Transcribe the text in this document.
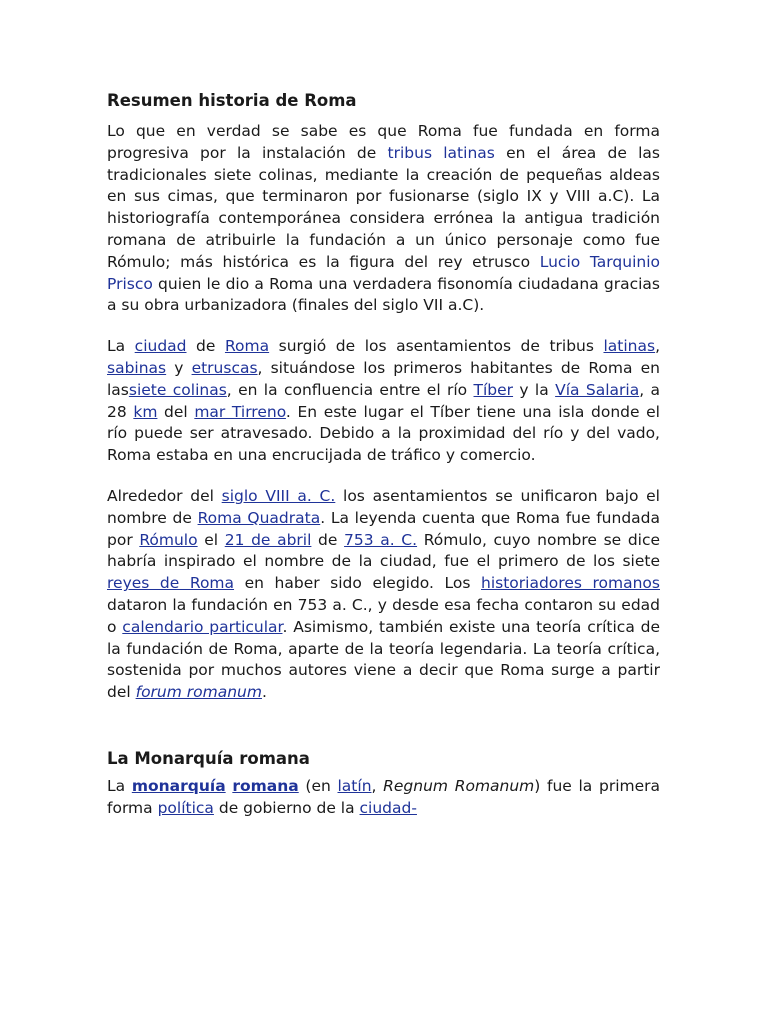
Resumen historia de Roma

Lo que en verdad se sabe es que Roma fue fundada en forma progresiva por la instalación de tribus latinas en el área de las tradicionales siete colinas, mediante la creación de pequeñas aldeas en sus cimas, que terminaron por fusionarse (siglo IX y VIII a.C). La historiografía contemporánea considera errónea la antigua tradición romana de atribuirle la fundación a un único personaje como fue Rómulo; más histórica es la figura del rey etrusco Lucio Tarquinio Prisco quien le dio a Roma una verdadera fisonomía ciudadana gracias a su obra urbanizadora (finales del siglo VII a.C).

La ciudad de Roma surgió de los asentamientos de tribus latinas, sabinas y etruscas, situándose los primeros habitantes de Roma en lassiete colinas, en la confluencia entre el río Tíber y la Vía Salaria, a 28 km del mar Tirreno. En este lugar el Tíber tiene una isla donde el río puede ser atravesado. Debido a la proximidad del río y del vado, Roma estaba en una encrucijada de tráfico y comercio.

Alrededor del siglo VIII a. C. los asentamientos se unificaron bajo el nombre de Roma Quadrata. La leyenda cuenta que Roma fue fundada por Rómulo el 21 de abril de 753 a. C. Rómulo, cuyo nombre se dice habría inspirado el nombre de la ciudad, fue el primero de los siete reyes de Roma en haber sido elegido. Los historiadores romanos dataron la fundación en 753 a. C., y desde esa fecha contaron su edad o calendario particular. Asimismo, también existe una teoría crítica de la fundación de Roma, aparte de la teoría legendaria. La teoría crítica, sostenida por muchos autores viene a decir que Roma surge a partir del forum romanum.

La Monarquía romana

La monarquía romana (en latín, Regnum Romanum) fue la primera forma política de gobierno de la ciudad-
